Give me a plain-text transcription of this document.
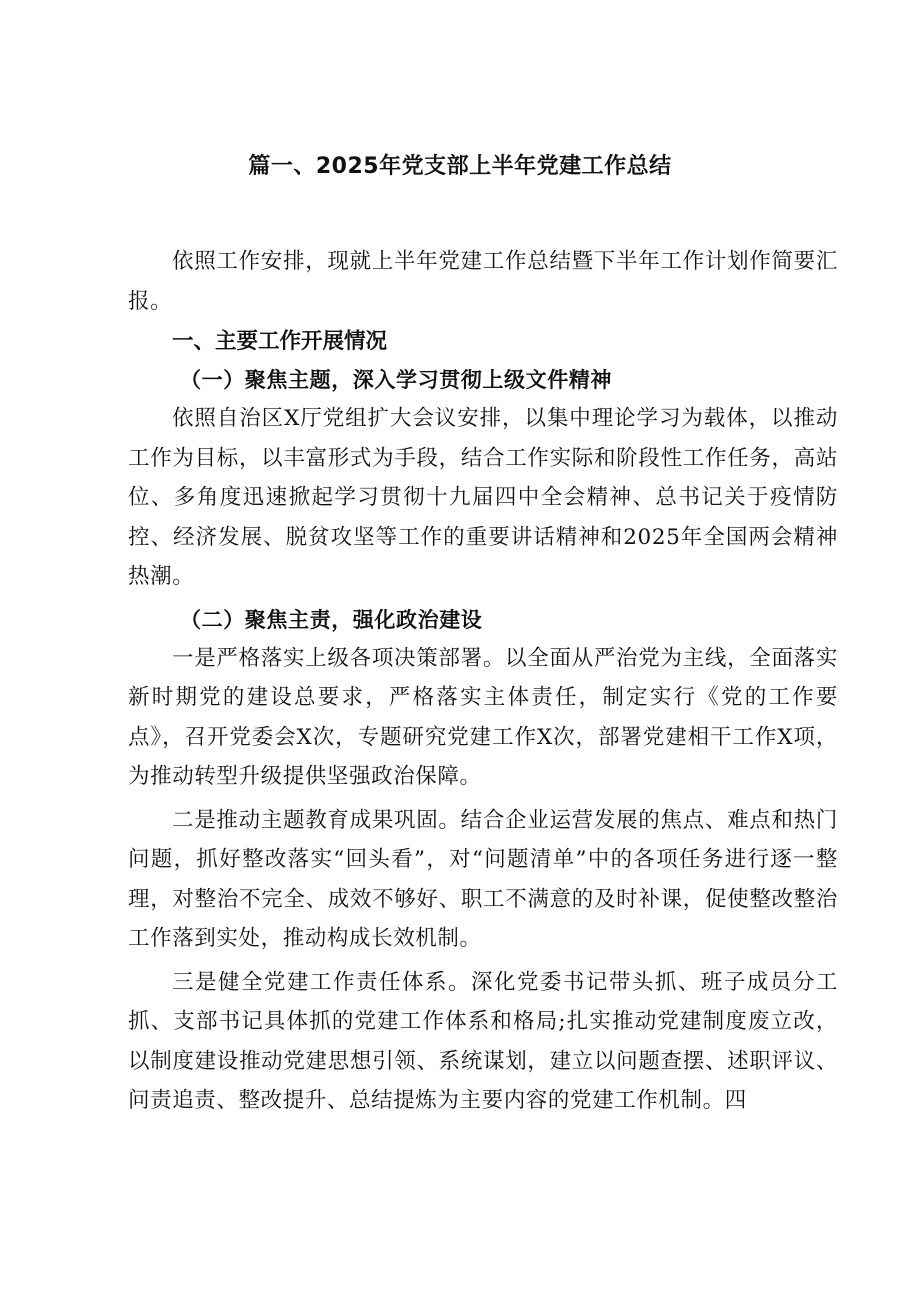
篇一、2025年党支部上半年党建工作总结

依照工作安排，现就上半年党建工作总结暨下半年工作计划作简要汇报。

一、主要工作开展情况
（一）聚焦主题，深入学习贯彻上级文件精神

依照自治区X厅党组扩大会议安排，以集中理论学习为载体，以推动工作为目标，以丰富形式为手段，结合工作实际和阶段性工作任务，高站位、多角度迅速掀起学习贯彻十九届四中全会精神、总书记关于疫情防控、经济发展、脱贫攻坚等工作的重要讲话精神和2025年全国两会精神热潮。

（二）聚焦主责，强化政治建设

一是严格落实上级各项决策部署。以全面从严治党为主线，全面落实新时期党的建设总要求，严格落实主体责任，制定实行《党的工作要点》，召开党委会X次，专题研究党建工作X次，部署党建相干工作X项，为推动转型升级提供坚强政治保障。

二是推动主题教育成果巩固。结合企业运营发展的焦点、难点和热门问题，抓好整改落实“回头看”，对“问题清单”中的各项任务进行逐一整理，对整治不完全、成效不够好、职工不满意的及时补课，促使整改整治工作落到实处，推动构成长效机制。

三是健全党建工作责任体系。深化党委书记带头抓、班子成员分工抓、支部书记具体抓的党建工作体系和格局;扎实推动党建制度废立改，以制度建设推动党建思想引领、系统谋划，建立以问题查摆、述职评议、问责追责、整改提升、总结提炼为主要内容的党建工作机制。四
